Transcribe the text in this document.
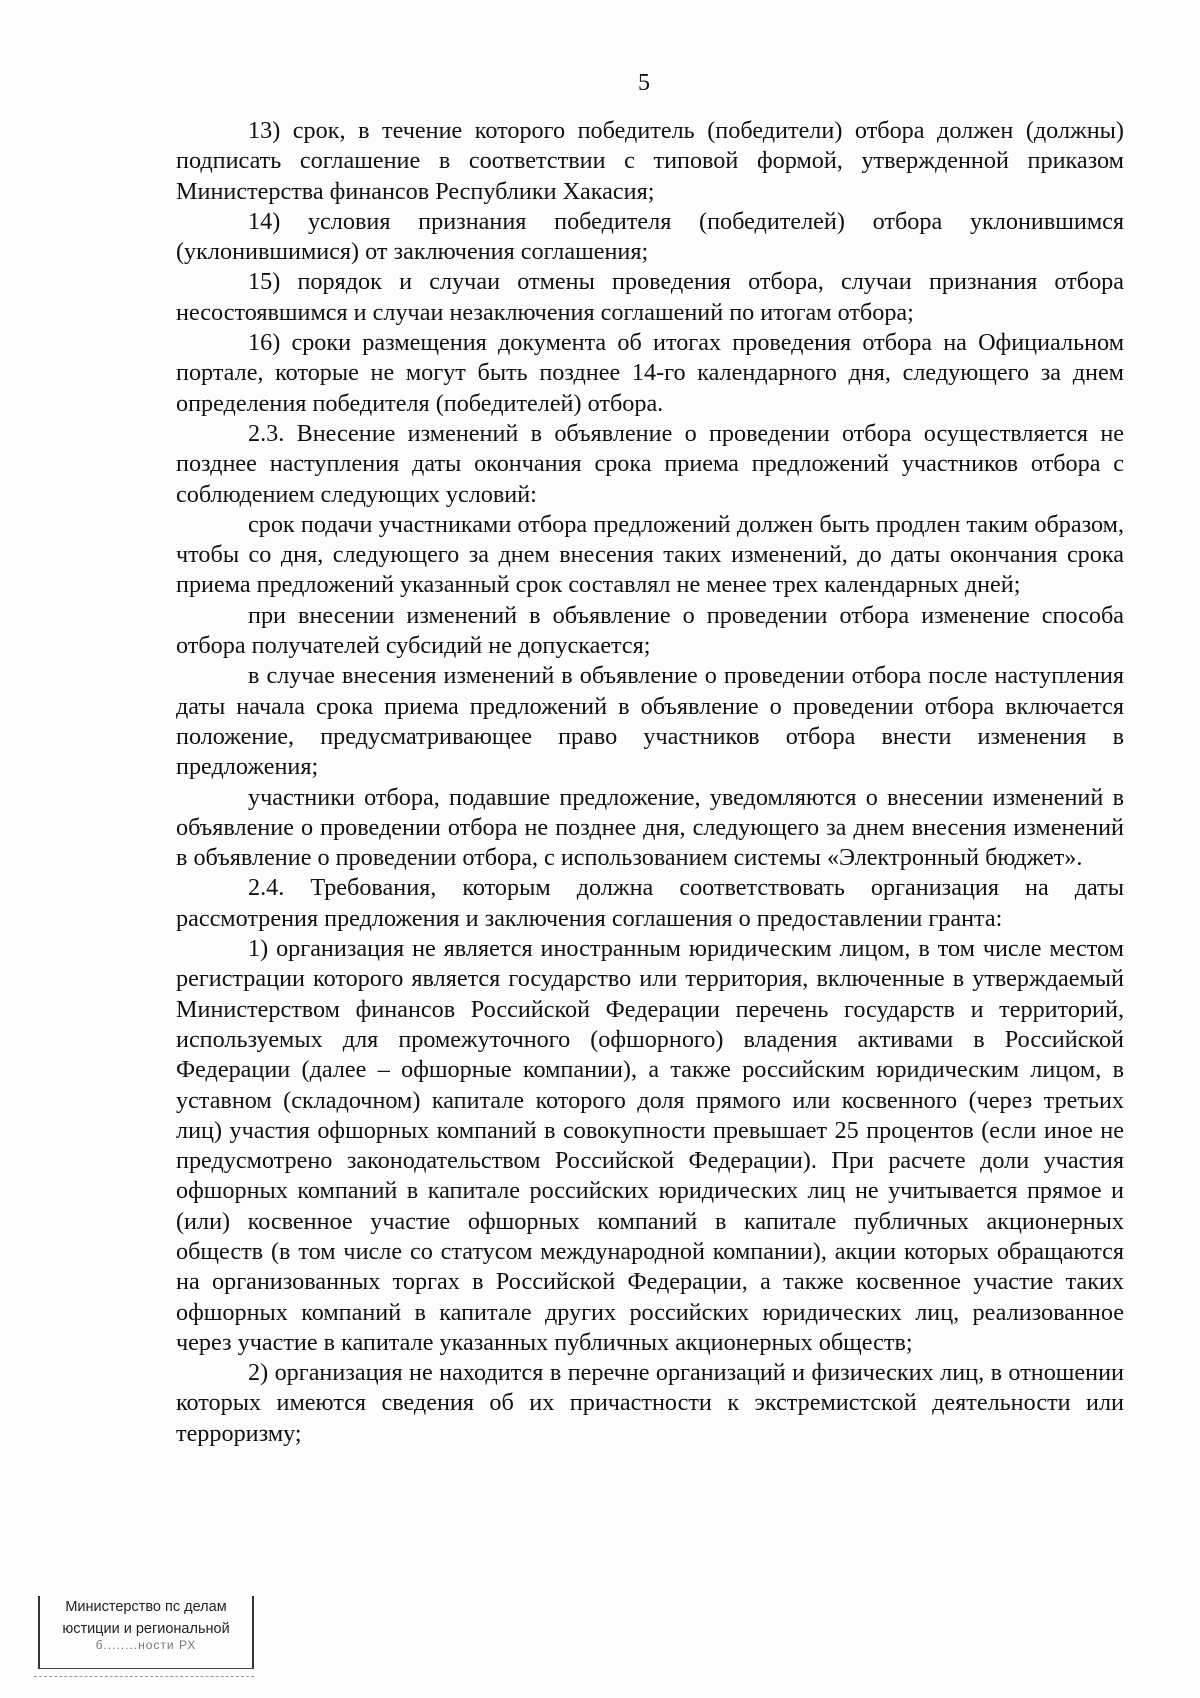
5

13) срок, в течение которого победитель (победители) отбора должен (должны) подписать соглашение в соответствии с типовой формой, утвержденной приказом Министерства финансов Республики Хакасия;

14) условия признания победителя (победителей) отбора уклонившимся (уклонившимися) от заключения соглашения;

15) порядок и случаи отмены проведения отбора, случаи признания отбора несостоявшимся и случаи незаключения соглашений по итогам отбора;

16) сроки размещения документа об итогах проведения отбора на Официальном портале, которые не могут быть позднее 14-го календарного дня, следующего за днем определения победителя (победителей) отбора.

2.3. Внесение изменений в объявление о проведении отбора осуществляется не позднее наступления даты окончания срока приема предложений участников отбора с соблюдением следующих условий:

срок подачи участниками отбора предложений должен быть продлен таким образом, чтобы со дня, следующего за днем внесения таких изменений, до даты окончания срока приема предложений указанный срок составлял не менее трех календарных дней;

при внесении изменений в объявление о проведении отбора изменение способа отбора получателей субсидий не допускается;

в случае внесения изменений в объявление о проведении отбора после наступления даты начала срока приема предложений в объявление о проведении отбора включается положение, предусматривающее право участников отбора внести изменения в предложения;

участники отбора, подавшие предложение, уведомляются о внесении изменений в объявление о проведении отбора не позднее дня, следующего за днем внесения изменений в объявление о проведении отбора, с использованием системы «Электронный бюджет».

2.4. Требования, которым должна соответствовать организация на даты рассмотрения предложения и заключения соглашения о предоставлении гранта:

1) организация не является иностранным юридическим лицом, в том числе местом регистрации которого является государство или территория, включенные в утверждаемый Министерством финансов Российской Федерации перечень государств и территорий, используемых для промежуточного (офшорного) владения активами в Российской Федерации (далее – офшорные компании), а также российским юридическим лицом, в уставном (складочном) капитале которого доля прямого или косвенного (через третьих лиц) участия офшорных компаний в совокупности превышает 25 процентов (если иное не предусмотрено законодательством Российской Федерации). При расчете доли участия офшорных компаний в капитале российских юридических лиц не учитывается прямое и (или) косвенное участие офшорных компаний в капитале публичных акционерных обществ (в том числе со статусом международной компании), акции которых обращаются на организованных торгах в Российской Федерации, а также косвенное участие таких офшорных компаний в капитале других российских юридических лиц, реализованное через участие в капитале указанных публичных акционерных обществ;

2) организация не находится в перечне организаций и физических лиц, в отношении которых имеются сведения об их причастности к экстремистской деятельности или терроризму;

Министерство пс делам
юстиции и региональной
б........ности РХ
